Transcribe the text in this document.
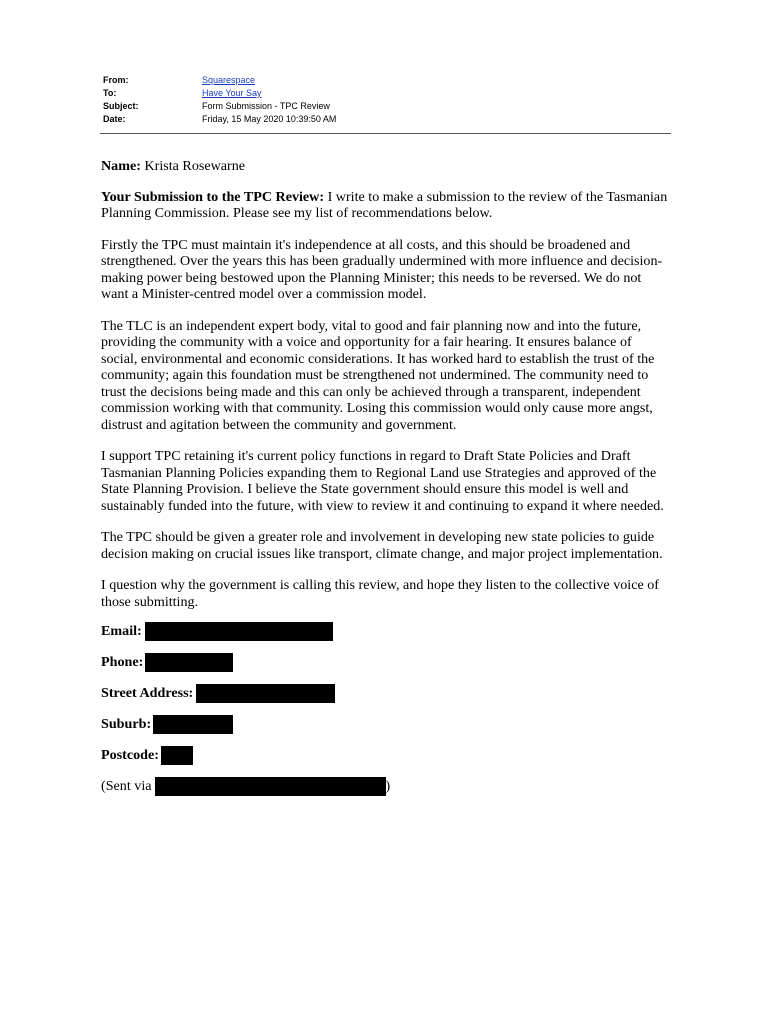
From:	Squarespace
To:	Have Your Say
Subject:	Form Submission - TPC Review
Date:	Friday, 15 May 2020 10:39:50 AM

Name: Krista Rosewarne

Your Submission to the TPC Review: I write to make a submission to the review of the Tasmanian Planning Commission. Please see my list of recommendations below.

Firstly the TPC must maintain it's independence at all costs, and this should be broadened and strengthened. Over the years this has been gradually undermined with more influence and decision-making power being bestowed upon the Planning Minister; this needs to be reversed. We do not want a Minister-centred model over a commission model.

The TLC is an independent expert body, vital to good and fair planning now and into the future, providing the community with a voice and opportunity for a fair hearing. It ensures balance of social, environmental and economic considerations. It has worked hard to establish the trust of the community; again this foundation must be strengthened not undermined. The community need to trust the decisions being made and this can only be achieved through a transparent, independent commission working with that community. Losing this commission would only cause more angst, distrust and agitation between the community and government.

I support TPC retaining it's current policy functions in regard to Draft State Policies and Draft Tasmanian Planning Policies expanding them to Regional Land use Strategies and approved of the State Planning Provision. I believe the State government should ensure this model is well and sustainably funded into the future, with view to review it and continuing to expand it where needed.

The TPC should be given a greater role and involvement in developing new state policies to guide decision making on crucial issues like transport, climate change, and major project implementation.

I question why the government is calling this review, and hope they listen to the collective voice of those submitting.

Email:
Phone:
Street Address:
Suburb:
Postcode:
(Sent via	)
